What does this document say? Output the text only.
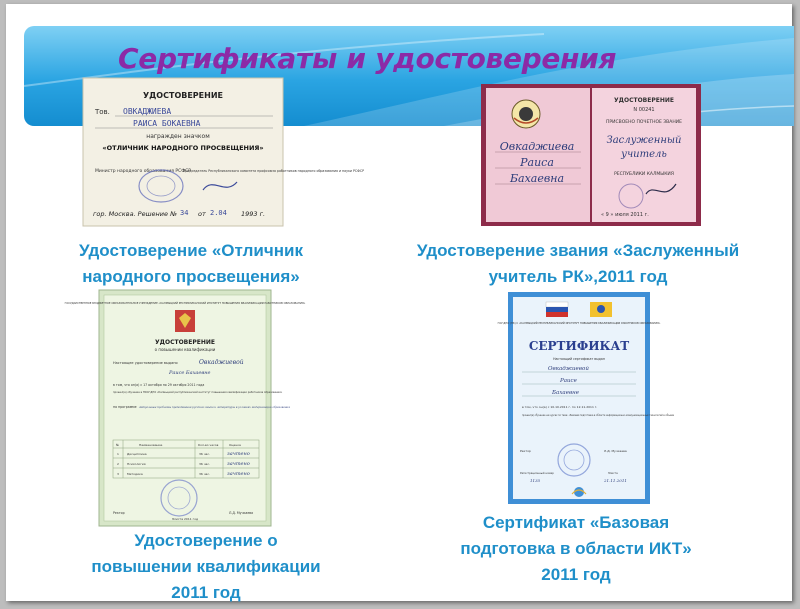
Сертификаты и удостоверения
УДОСТОВЕРЕНИЕ
Тов. ОВКАДЖИЕВА
РАИСА БОКАЕВНА
награжден значком
«ОТЛИЧНИК НАРОДНОГО ПРОСВЕЩЕНИЯ»
Министр народного образования РСФСР
Председатель Республиканского комитета профсоюза работников народного образования и науки РСФСР
гор. Москва. Решение № 34 от 2.04 1993 г.
Овкаджиева
Раиса
Бахаевна
УДОСТОВЕРЕНИЕ
N 00241
ПРИСВОЕНО ПОЧЕТНОЕ ЗВАНИЕ
Заслуженный
учитель
РЕСПУБЛИКИ КАЛМЫКИЯ
« 9 » июля 2011 г.
ГОСУДАРСТВЕННОЕ БЮДЖЕТНОЕ ОБРАЗОВАТЕЛЬНОЕ УЧРЕЖДЕНИЕ «КАЛМЫЦКИЙ РЕСПУБЛИКАНСКИЙ ИНСТИТУТ ПОВЫШЕНИЯ КВАЛИФИКАЦИИ РАБОТНИКОВ ОБРАЗОВАНИЯ»
УДОСТОВЕРЕНИЕ
о повышении квалификации
Настоящее удостоверение выдано	Овкаджиевой
Раисе Бахаевне
в том, что он(а) с 17 октября по 29 октября 2011 года
прошел(а) обучение в ГБОУ ДПО «Калмыцкий республиканский институт повышения квалификации работников образования»
по программе Актуальные проблемы преподавания русского языка и литературы в условиях модернизации образования
№	Наименование	Кол-во часов	Оценка
1	Дисциплина	36 час.	зачтено
2	Психология	36 час.	зачтено
3	Методика	36 час.	зачтено
Ректор	Л.Д. Мучкаева
Элиста 2011 год
ГОУ ДПО (ПК) С «КАЛМЫЦКИЙ РЕСПУБЛИКАНСКИЙ ИНСТИТУТ ПОВЫШЕНИЯ КВАЛИФИКАЦИИ РАБОТНИКОВ ОБРАЗОВАНИЯ»
СЕРТИФИКАТ
Настоящий сертификат выдан
Овкаджиевой
Раисе
Бахаевне
в том, что он(а) с 10.10.2011 г. по 12.11.2011 г.
прошел(а) обучение на курсах по теме: «Базовая подготовка в области информационно-коммуникационных технологий в объеме
Ректор	Л.Д. Мучкаева
Регистрационный номер
1135
Элиста
21.11.2011
Удостоверение «Отличник
народного просвещения»
Удостоверение звания «Заслуженный
учитель РК»,2011 год
Удостоверение о
повышении квалификации
2011 год
Сертификат «Базовая
подготовка в области ИКТ»
2011 год
